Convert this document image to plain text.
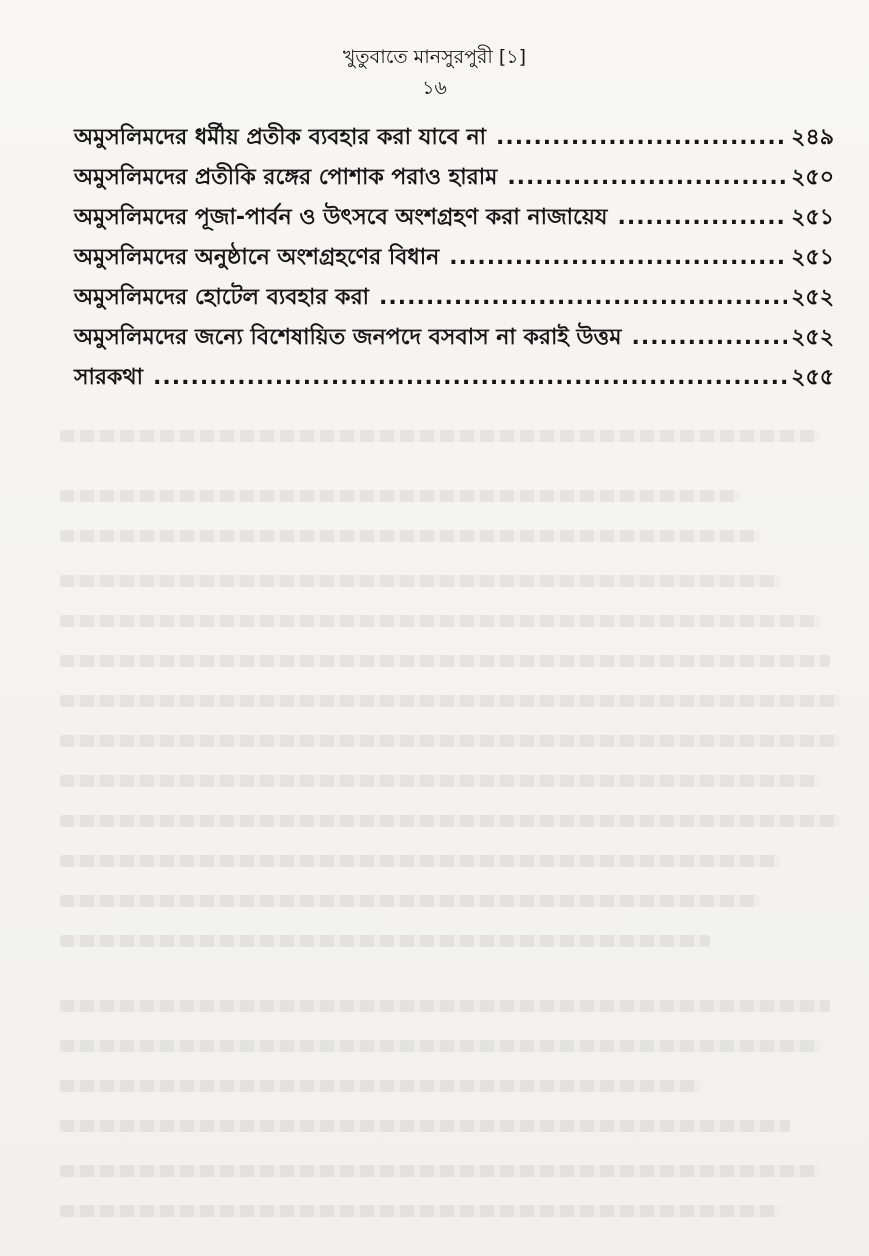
খুতুবাতে মানসুরপুরী [১]
১৬
অমুসলিমদের ধর্মীয় প্রতীক ব্যবহার করা যাবে না .....	২৪৯
অমুসলিমদের প্রতীকি রঙ্গের পোশাক পরাও হারাম .....	২৫০
অমুসলিমদের পূজা-পার্বন ও উৎসবে অংশগ্রহণ করা নাজায়েয .....	২৫১
অমুসলিমদের অনুষ্ঠানে অংশগ্রহণের বিধান .....	২৫১
অমুসলিমদের হোটেল ব্যবহার করা .....	২৫২
অমুসলিমদের জন্যে বিশেষায়িত জনপদে বসবাস না করাই উত্তম .....	২৫২
সারকথা .....	২৫৫
